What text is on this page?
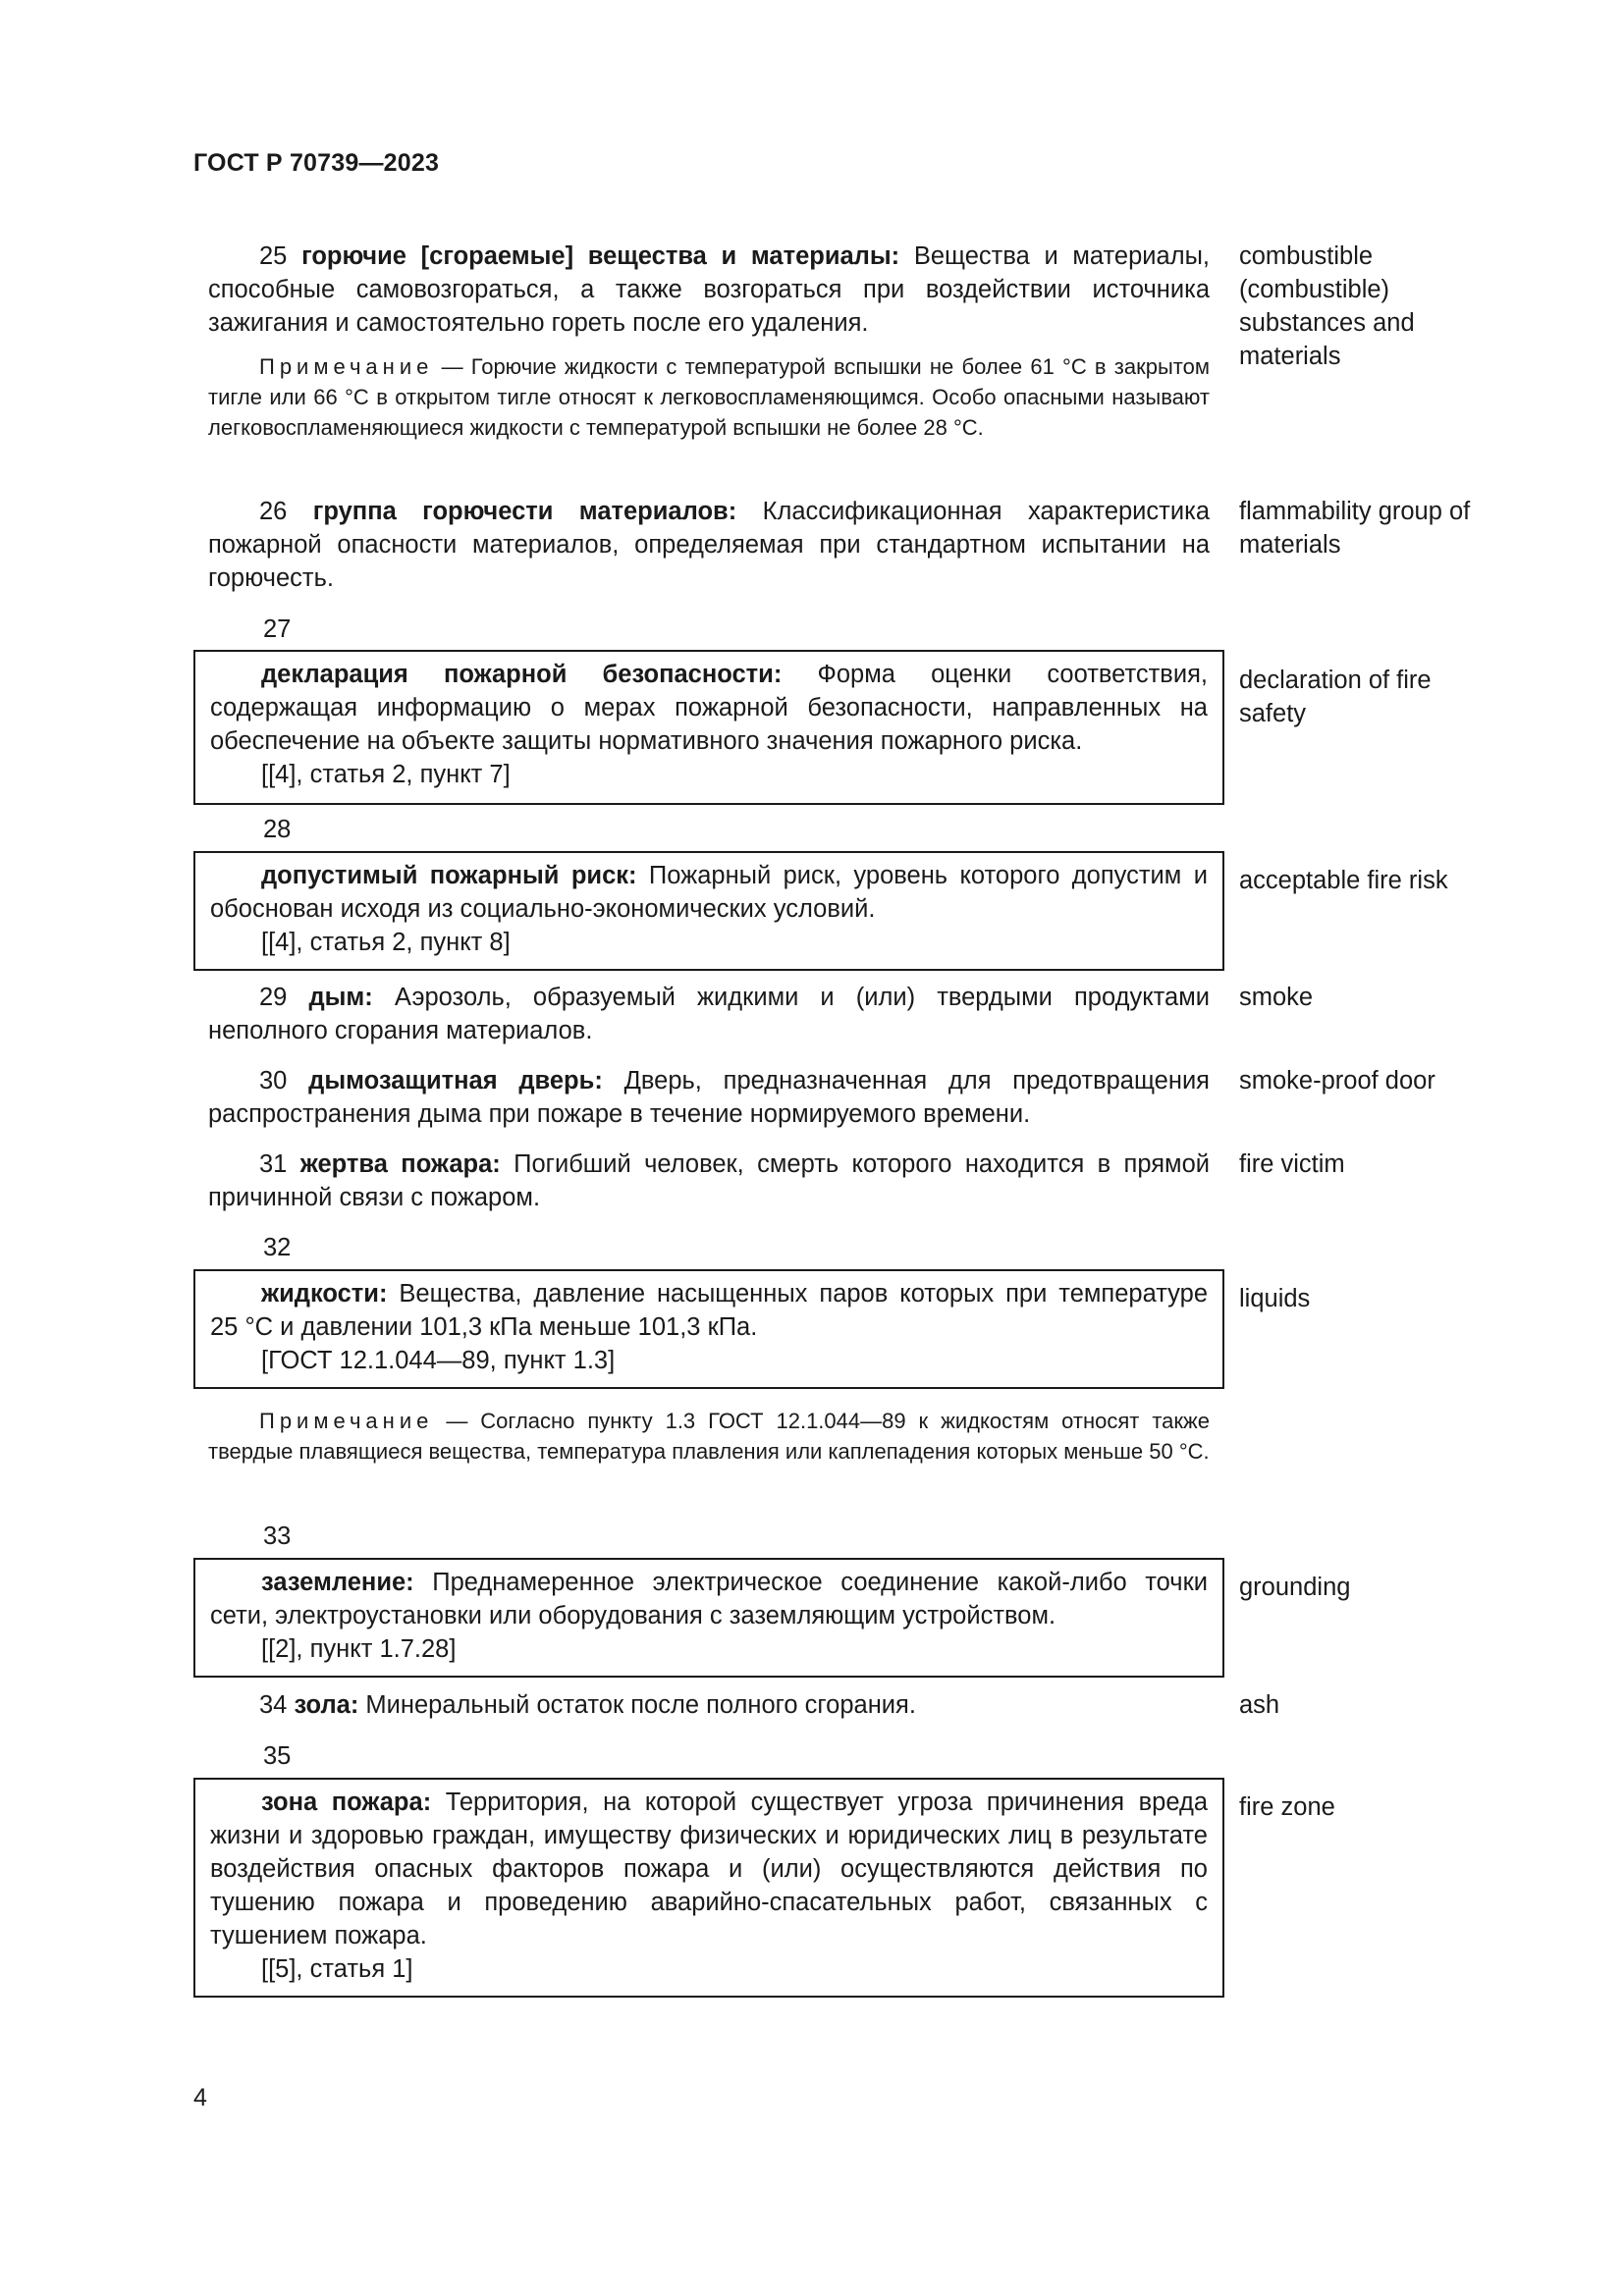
ГОСТ Р 70739—2023

25 горючие [сгораемые] вещества и материалы: Вещества и материалы, способные самовозгораться, а также возгораться при воздействии источника зажигания и самостоятельно гореть после его удаления.

combustible (combustible) substances and materials

Примечание — Горючие жидкости с температурой вспышки не более 61 °С в закрытом тигле или 66 °С в открытом тигле относят к легковоспламеняющимся. Особо опасными называют легковоспламеняющиеся жидкости с температурой вспышки не более 28 °С.

26 группа горючести материалов: Классификационная характеристика пожарной опасности материалов, определяемая при стандартном испытании на горючесть.

flammability group of materials
27

декларация пожарной безопасности: Форма оценки соответствия, содержащая информацию о мерах пожарной безопасности, направленных на обеспечение на объекте защиты нормативного значения пожарного риска.

[[4], статья 2, пункт 7]

declaration of fire safety
28

допустимый пожарный риск: Пожарный риск, уровень которого допустим и обоснован исходя из социально-экономических условий.

[[4], статья 2, пункт 8]

acceptable fire risk

29 дым: Аэрозоль, образуемый жидкими и (или) твердыми продуктами неполного сгорания материалов.

smoke

30 дымозащитная дверь: Дверь, предназначенная для предотвращения распространения дыма при пожаре в течение нормируемого времени.

smoke-proof door

31 жертва пожара: Погибший человек, смерть которого находится в прямой причинной связи с пожаром.

fire victim
32

жидкости: Вещества, давление насыщенных паров которых при температуре 25 °С и давлении 101,3 кПа меньше 101,3 кПа.

[ГОСТ 12.1.044—89, пункт 1.3]

liquids

Примечание — Согласно пункту 1.3 ГОСТ 12.1.044—89 к жидкостям относят также твердые плавящиеся вещества, температура плавления или каплепадения которых меньше 50 °С.

33

заземление: Преднамеренное электрическое соединение какой-либо точки сети, электроустановки или оборудования с заземляющим устройством.

[[2], пункт 1.7.28]

grounding

34 зола: Минеральный остаток после полного сгорания.	ash
35

зона пожара: Территория, на которой существует угроза причинения вреда жизни и здоровью граждан, имуществу физических и юридических лиц в результате воздействия опасных факторов пожара и (или) осуществляются действия по тушению пожара и проведению аварийно-спасательных работ, связанных с тушением пожара.

[[5], статья 1]

fire zone
4
